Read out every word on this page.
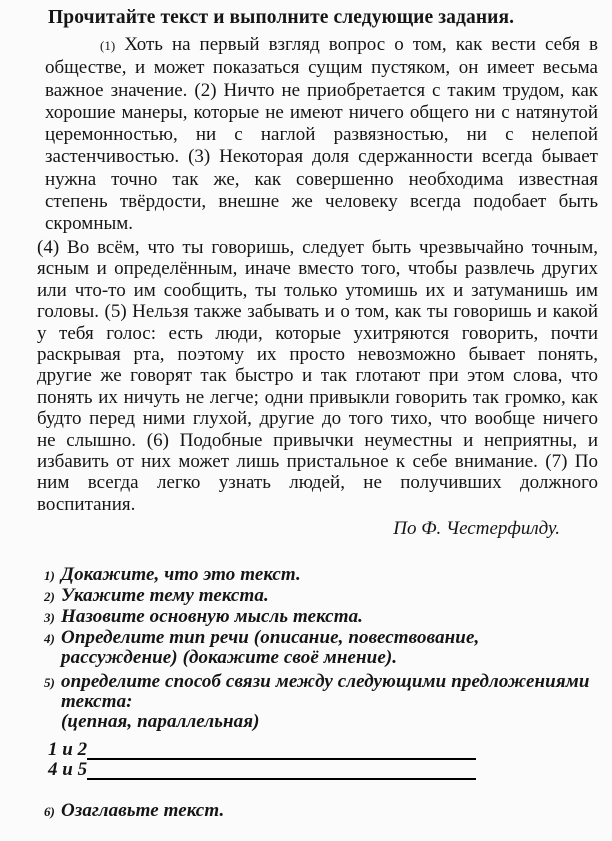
Прочитайте текст и выполните следующие задания.
(1) Хоть на первый взгляд вопрос о том, как вести себя в
обществе, и может показаться сущим пустяком, он имеет весьма
важное значение. (2) Ничто не приобретается с таким трудом, как
хорошие манеры, которые не имеют ничего общего ни с натянутой
церемонностью, ни с наглой развязностью, ни с нелепой
застенчивостью. (3) Некоторая доля сдержанности всегда бывает
нужна точно так же, как совершенно необходима известная
степень твёрдости, внешне же человеку всегда подобает быть
скромным.
(4) Во всём, что ты говоришь, следует быть чрезвычайно точным,
ясным и определённым, иначе вместо того, чтобы развлечь других
или что-то им сообщить, ты только утомишь их и затуманишь им
головы. (5) Нельзя также забывать и о том, как ты говоришь и какой
у тебя голос: есть люди, которые ухитряются говорить, почти
раскрывая рта, поэтому их просто невозможно бывает понять,
другие же говорят так быстро и так глотают при этом слова, что
понять их ничуть не легче; одни привыкли говорить так громко, как
будто перед ними глухой, другие до того тихо, что вообще ничего
не слышно. (6) Подобные привычки неуместны и неприятны, и
избавить от них может лишь пристальное к себе внимание. (7) По
ним всегда легко узнать людей, не получивших должного
воспитания.
По Ф. Честерфилду.
1) Докажите, что это текст.
2) Укажите тему текста.
3) Назовите основную мысль текста.
4) Определите тип речи (описание, повествование,
рассуждение) (докажите своё мнение).
5) определите способ связи между следующими предложениями
текста:
(цепная, параллельная)
1 и 2
4 и 5
6) Озаглавьте текст.
